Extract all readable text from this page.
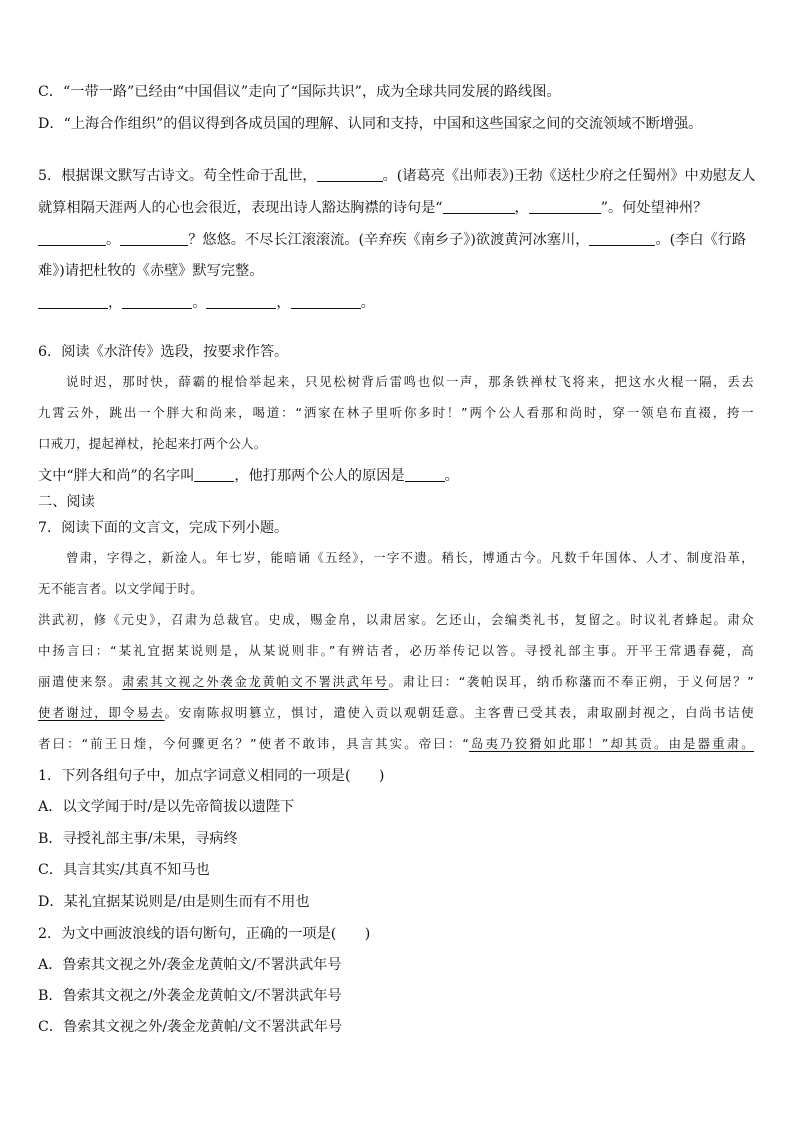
C．“一带一路”已经由“中国倡议”走向了“国际共识”，成为全球共同发展的路线图。
D．“上海合作组织”的倡议得到各成员国的理解、认同和支持，中国和这些国家之间的交流领域不断增强。
5．根据课文默写古诗文。苟全性命于乱世，	。(诸葛亮《出师表》)王勃《送杜少府之任蜀州》中劝慰友人
就算相隔天涯两人的心也会很近，表现出诗人豁达胸襟的诗句是“	，	”。何处望神州？
。	？悠悠。不尽长江滚滚流。(辛弃疾《南乡子》)欲渡黄河冰塞川，	。(李白《行路
难》)请把杜牧的《赤壁》默写完整。
，	。	，	。
6．阅读《水浒传》选段，按要求作答。
说时迟，那时快，薛霸的棍恰举起来，只见松树背后雷鸣也似一声，那条铁禅杖飞将来，把这水火棍一隔，丢去
九霄云外，跳出一个胖大和尚来，喝道：“洒家在林子里听你多时！”两个公人看那和尚时，穿一领皂布直裰，挎一
口戒刀，提起禅杖，抡起来打两个公人。
文中“胖大和尚”的名字叫	，他打那两个公人的原因是	。
二、阅读
7．阅读下面的文言文，完成下列小题。
曾肃，字得之，新淦人。年七岁，能暗诵《五经》，一字不遗。稍长，博通古今。凡数千年国体、人才、制度沿革，
无不能言者。以文学闻于时。
洪武初，修《元史》，召肃为总裁官。史成，赐金帛，以肃居家。乞还山，会编类礼书，复留之。时议礼者蜂起。肃众
中扬言曰：“某礼宜据某说则是，从某说则非。”有辨诘者，必历举传记以答。寻授礼部主事。开平王常遇春薨，高
丽遣使来祭。肃索其文视之外袭金龙黄帕文不署洪武年号。肃让曰：“袭帕误耳，纳币称藩而不奉正朔，于义何居？”
使者谢过，即令易去。安南陈叔明篡立，惧讨，遣使入贡以观朝廷意。主客曹已受其表，肃取副封视之，白尚书诘使
者曰：“前王日煃，今何骤更名？”使者不敢讳，具言其实。帝曰：“岛夷乃狡猾如此耶！”却其贡。由是器重肃。
1．下列各组句子中，加点字词意义相同的一项是(　　)
A．以文学闻于时/是以先帝简拔以遗陛下
B．寻授礼部主事/未果，寻病终
C．具言其实/其真不知马也
D．某礼宜据某说则是/由是则生而有不用也
2．为文中画波浪线的语句断句，正确的一项是(　　)
A．鲁索其文视之外/袭金龙黄帕文/不署洪武年号
B．鲁索其文视之/外袭金龙黄帕文/不署洪武年号
C．鲁索其文视之外/袭金龙黄帕/文不署洪武年号
